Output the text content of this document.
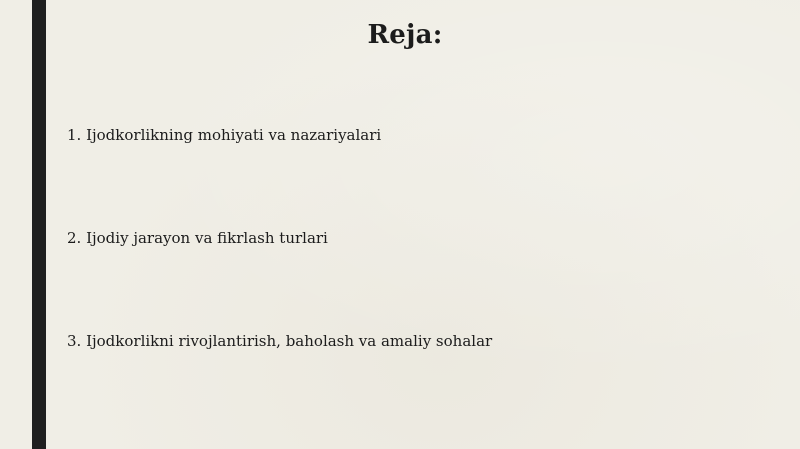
Reja:
1. Ijodkorlikning mohiyati va nazariyalari
2. Ijodiy jarayon va fikrlash turlari
3. Ijodkorlikni rivojlantirish, baholash va amaliy sohalar
